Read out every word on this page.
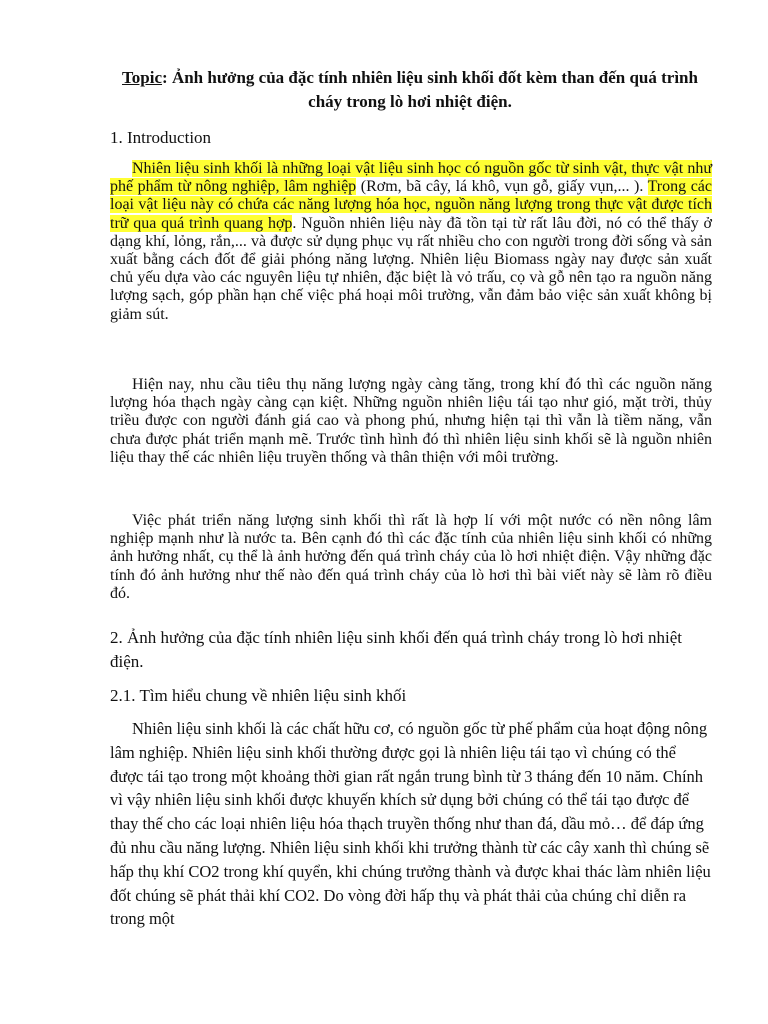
Topic: Ảnh hưởng của đặc tính nhiên liệu sinh khối đốt kèm than đến quá trình cháy trong lò hơi nhiệt điện.
1. Introduction

Nhiên liệu sinh khối là những loại vật liệu sinh học có nguồn gốc từ sinh vật, thực vật như phế phẩm từ nông nghiệp, lâm nghiệp (Rơm, bã cây, lá khô, vụn gỗ, giấy vụn,... ). Trong các loại vật liệu này có chứa các năng lượng hóa học, nguồn năng lượng trong thực vật được tích trữ qua quá trình quang hợp. Nguồn nhiên liệu này đã tồn tại từ rất lâu đời, nó có thể thấy ở dạng khí, lỏng, rắn,... và được sử dụng phục vụ rất nhiều cho con người trong đời sống và sản xuất bằng cách đốt để giải phóng năng lượng. Nhiên liệu Biomass ngày nay được sản xuất chủ yếu dựa vào các nguyên liệu tự nhiên, đặc biệt là vỏ trấu, cọ và gỗ nên tạo ra nguồn năng lượng sạch, góp phần hạn chế việc phá hoại môi trường, vẫn đảm bảo việc sản xuất không bị giảm sút.

Hiện nay, nhu cầu tiêu thụ năng lượng ngày càng tăng, trong khí đó thì các nguồn năng lượng hóa thạch ngày càng cạn kiệt. Những nguồn nhiên liệu tái tạo như gió, mặt trời, thủy triều được con người đánh giá cao và phong phú, nhưng hiện tại thì vẫn là tiềm năng, vẫn chưa được phát triển mạnh mẽ. Trước tình hình đó thì nhiên liệu sinh khối sẽ là nguồn nhiên liệu thay thế các nhiên liệu truyền thống và thân thiện với môi trường.

Việc phát triển năng lượng sinh khối thì rất là hợp lí với một nước có nền nông lâm nghiệp mạnh như là nước ta. Bên cạnh đó thì các đặc tính của nhiên liệu sinh khối có những ảnh hưởng nhất, cụ thể là ảnh hưởng đến quá trình cháy của lò hơi nhiệt điện. Vậy những đặc tính đó ảnh hưởng như thế nào đến quá trình cháy của lò hơi thì bài viết này sẽ làm rõ điều đó.

2. Ảnh hưởng của đặc tính nhiên liệu sinh khối đến quá trình cháy trong lò hơi nhiệt điện.
2.1. Tìm hiểu chung về nhiên liệu sinh khối

Nhiên liệu sinh khối là các chất hữu cơ, có nguồn gốc từ phế phẩm của hoạt động nông lâm nghiệp. Nhiên liệu sinh khối thường được gọi là nhiên liệu tái tạo vì chúng có thể được tái tạo trong một khoảng thời gian rất ngắn trung bình từ 3 tháng đến 10 năm. Chính vì vậy nhiên liệu sinh khối được khuyến khích sử dụng bởi chúng có thể tái tạo được để thay thế cho các loại nhiên liệu hóa thạch truyền thống như than đá, dầu mỏ… để đáp ứng đủ nhu cầu năng lượng. Nhiên liệu sinh khối khi trưởng thành từ các cây xanh thì chúng sẽ hấp thụ khí CO2 trong khí quyển, khi chúng trưởng thành và được khai thác làm nhiên liệu đốt chúng sẽ phát thải khí CO2. Do vòng đời hấp thụ và phát thải của chúng chỉ diễn ra trong một
